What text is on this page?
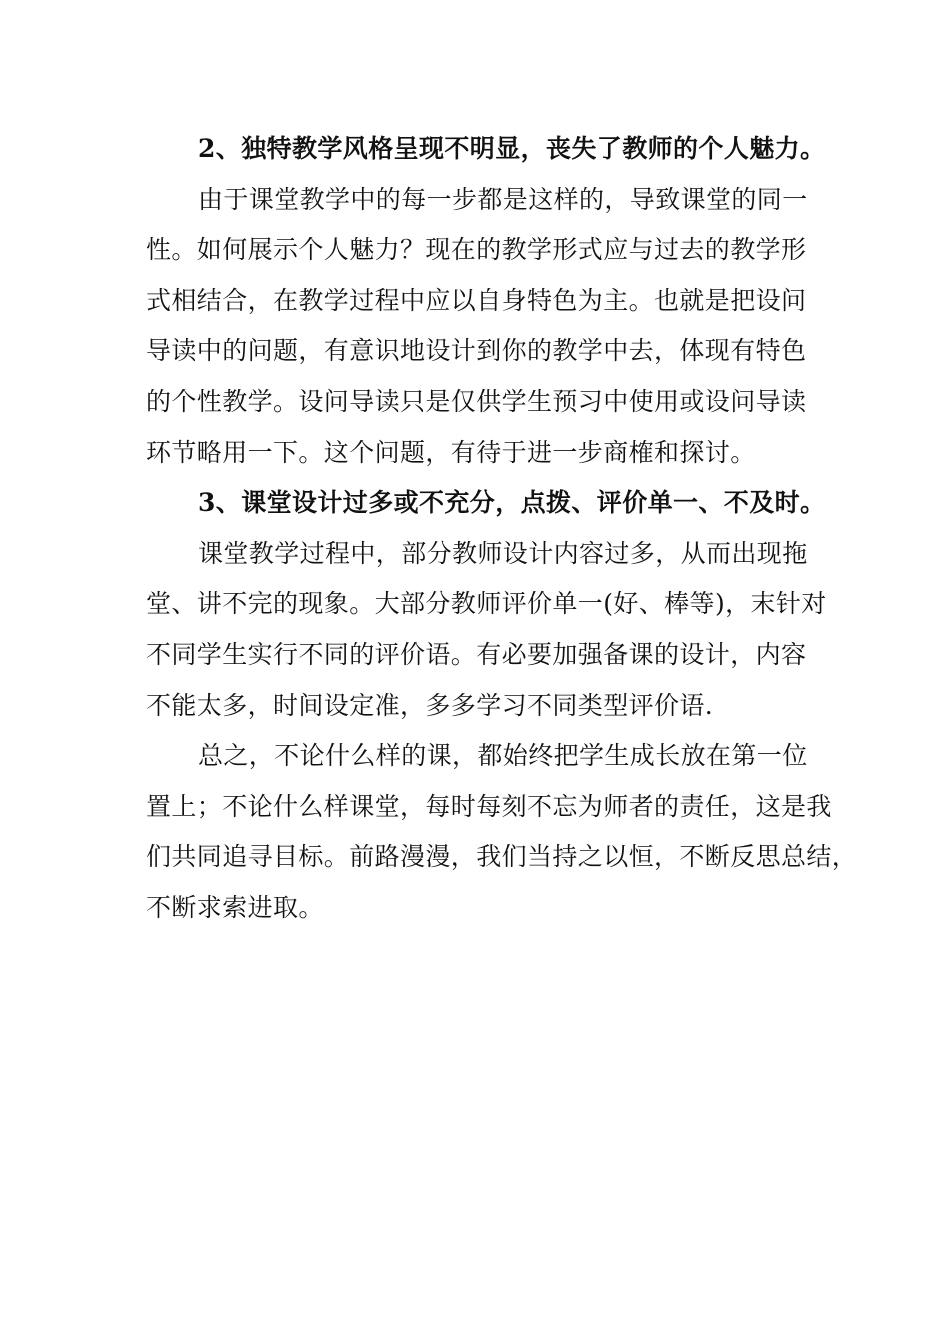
2、独特教学风格呈现不明显，丧失了教师的个人魅力。
由于课堂教学中的每一步都是这样的，导致课堂的同一
性。如何展示个人魅力？现在的教学形式应与过去的教学形
式相结合，在教学过程中应以自身特色为主。也就是把设问
导读中的问题，有意识地设计到你的教学中去，体现有特色
的个性教学。设问导读只是仅供学生预习中使用或设问导读
环节略用一下。这个问题，有待于进一步商榷和探讨。
3、课堂设计过多或不充分，点拨、评价单一、不及时。
课堂教学过程中，部分教师设计内容过多，从而出现拖
堂、讲不完的现象。大部分教师评价单一(好、棒等)，末针对
不同学生实行不同的评价语。有必要加强备课的设计，内容
不能太多，时间设定准，多多学习不同类型评价语.
总之，不论什么样的课，都始终把学生成长放在第一位
置上；不论什么样课堂，每时每刻不忘为师者的责任，这是我
们共同追寻目标。前路漫漫，我们当持之以恒，不断反思总结，
不断求索进取。
